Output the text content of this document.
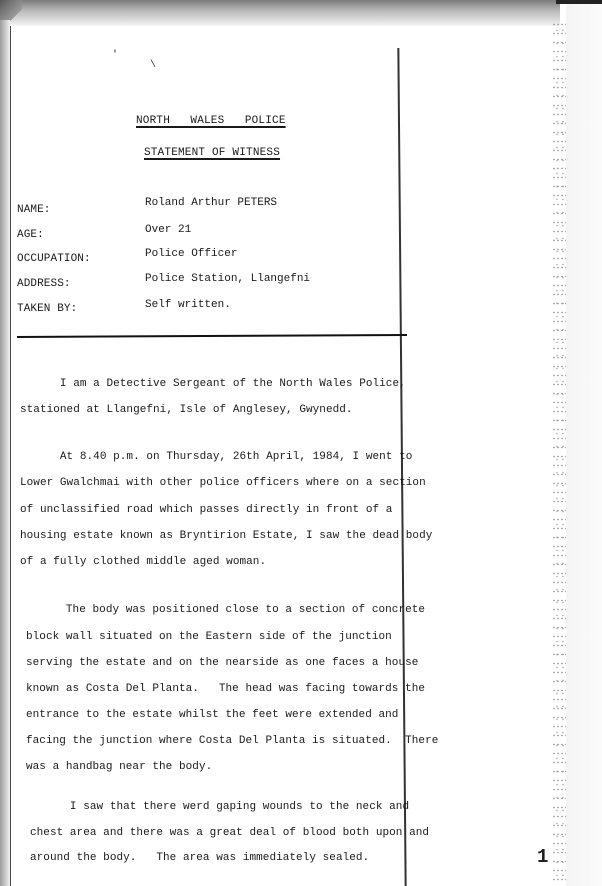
'
\
NORTH   WALES   POLICE
STATEMENT OF WITNESS
NAME:
Roland Arthur PETERS
AGE:	Over 21
OCCUPATION:	Police Officer
ADDRESS:	Police Station, Llangefni
TAKEN BY:	Self written.
I am a Detective Sergeant of the North Wales Police,
stationed at Llangefni, Isle of Anglesey, Gwynedd.
At 8.40 p.m. on Thursday, 26th April, 1984, I went to
Lower Gwalchmai with other police officers where on a section
of unclassified road which passes directly in front of a
housing estate known as Bryntirion Estate, I saw the dead body
of a fully clothed middle aged woman.
The body was positioned close to a section of concrete
block wall situated on the Eastern side of the junction
serving the estate and on the nearside as one faces a house
known as Costa Del Planta.   The head was facing towards the
entrance to the estate whilst the feet were extended and
facing the junction where Costa Del Planta is situated.  There
was a handbag near the body.
I saw that there werd gaping wounds to the neck and
chest area and there was a great deal of blood both upon and
around the body.   The area was immediately sealed.	1
